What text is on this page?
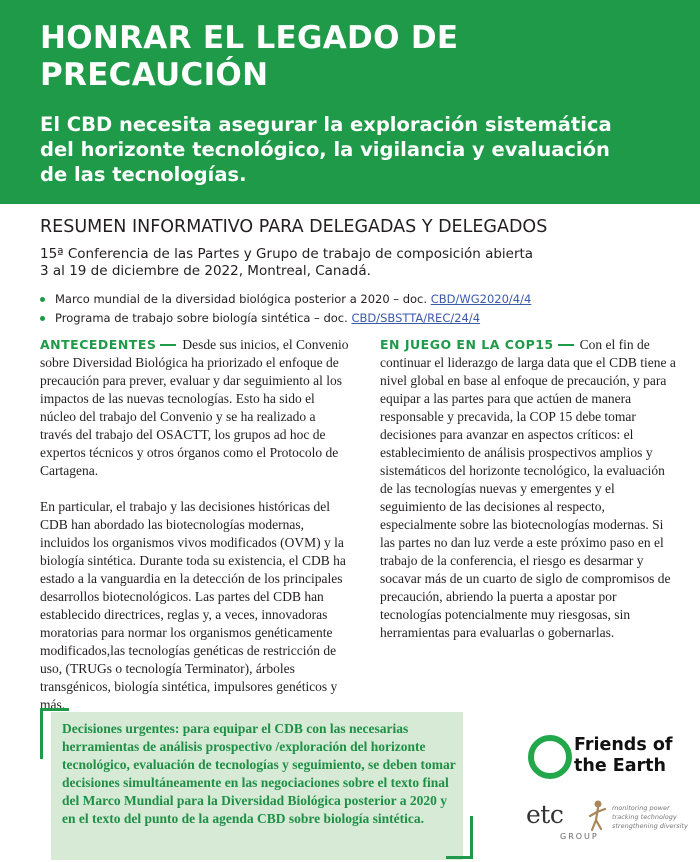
HONRAR EL LEGADO DE
PRECAUCIÓN
El CBD necesita asegurar la exploración sistemática
del horizonte tecnológico, la vigilancia y evaluación
de las tecnologías.
RESUMEN INFORMATIVO PARA DELEGADAS Y DELEGADOS
15ª Conferencia de las Partes y Grupo de trabajo de composición abierta
3 al 19 de diciembre de 2022, Montreal, Canadá.
Marco mundial de la diversidad biológica posterior a 2020 – doc. CBD/WG2020/4/4
Programa de trabajo sobre biología sintética – doc. CBD/SBSTTA/REC/24/4

ANTECEDENTES Desde sus inicios, el Convenio sobre Diversidad Biológica ha priorizado el enfoque de precaución para prever, evaluar y dar seguimiento al los impactos de las nuevas tecnologías. Esto ha sido el núcleo del trabajo del Convenio y se ha realizado a través del trabajo del OSACTT, los grupos ad hoc de expertos técnicos y otros órganos como el Protocolo de Cartagena.

En particular, el trabajo y las decisiones históricas del CDB han abordado las biotecnologías modernas, incluidos los organismos vivos modificados (OVM) y la biología sintética. Durante toda su existencia, el CDB ha estado a la vanguardia en la detección de los principales desarrollos biotecnológicos. Las partes del CDB han establecido directrices, reglas y, a veces, innovadoras moratorias para normar los organismos genéticamente modificados,las tecnologías genéticas de restricción de uso, (TRUGs o tecnología Terminator), árboles transgénicos, biología sintética, impulsores genéticos y más.

EN JUEGO EN LA COP15 Con el fin de continuar el liderazgo de larga data que el CDB tiene a nivel global en base al enfoque de precaución, y para equipar a las partes para que actúen de manera responsable y precavida, la COP 15 debe tomar decisiones para avanzar en aspectos críticos: el establecimiento de análisis prospectivos amplios y sistemáticos del horizonte tecnológico, la evaluación de las tecnologías nuevas y emergentes y el seguimiento de las decisiones al respecto, especialmente sobre las biotecnologías modernas. Si las partes no dan luz verde a este próximo paso en el trabajo de la conferencia, el riesgo es desarmar y socavar más de un cuarto de siglo de compromisos de precaución, abriendo la puerta a apostar por tecnologías potencialmente muy riesgosas, sin herramientas para evaluarlas o gobernarlas.

Decisiones urgentes: para equipar el CDB con las necesarias herramientas de análisis prospectivo /exploración del horizonte tecnológico, evaluación de tecnologías y seguimiento, se deben tomar decisiones simultáneamente en las negociaciones sobre el texto final del Marco Mundial para la Diversidad Biológica posterior a 2020 y en el texto del punto de la agenda CBD sobre biología sintética.
Friends of
the Earth
etc
GROUP
monitoring power
tracking technology
strengthening diversity
